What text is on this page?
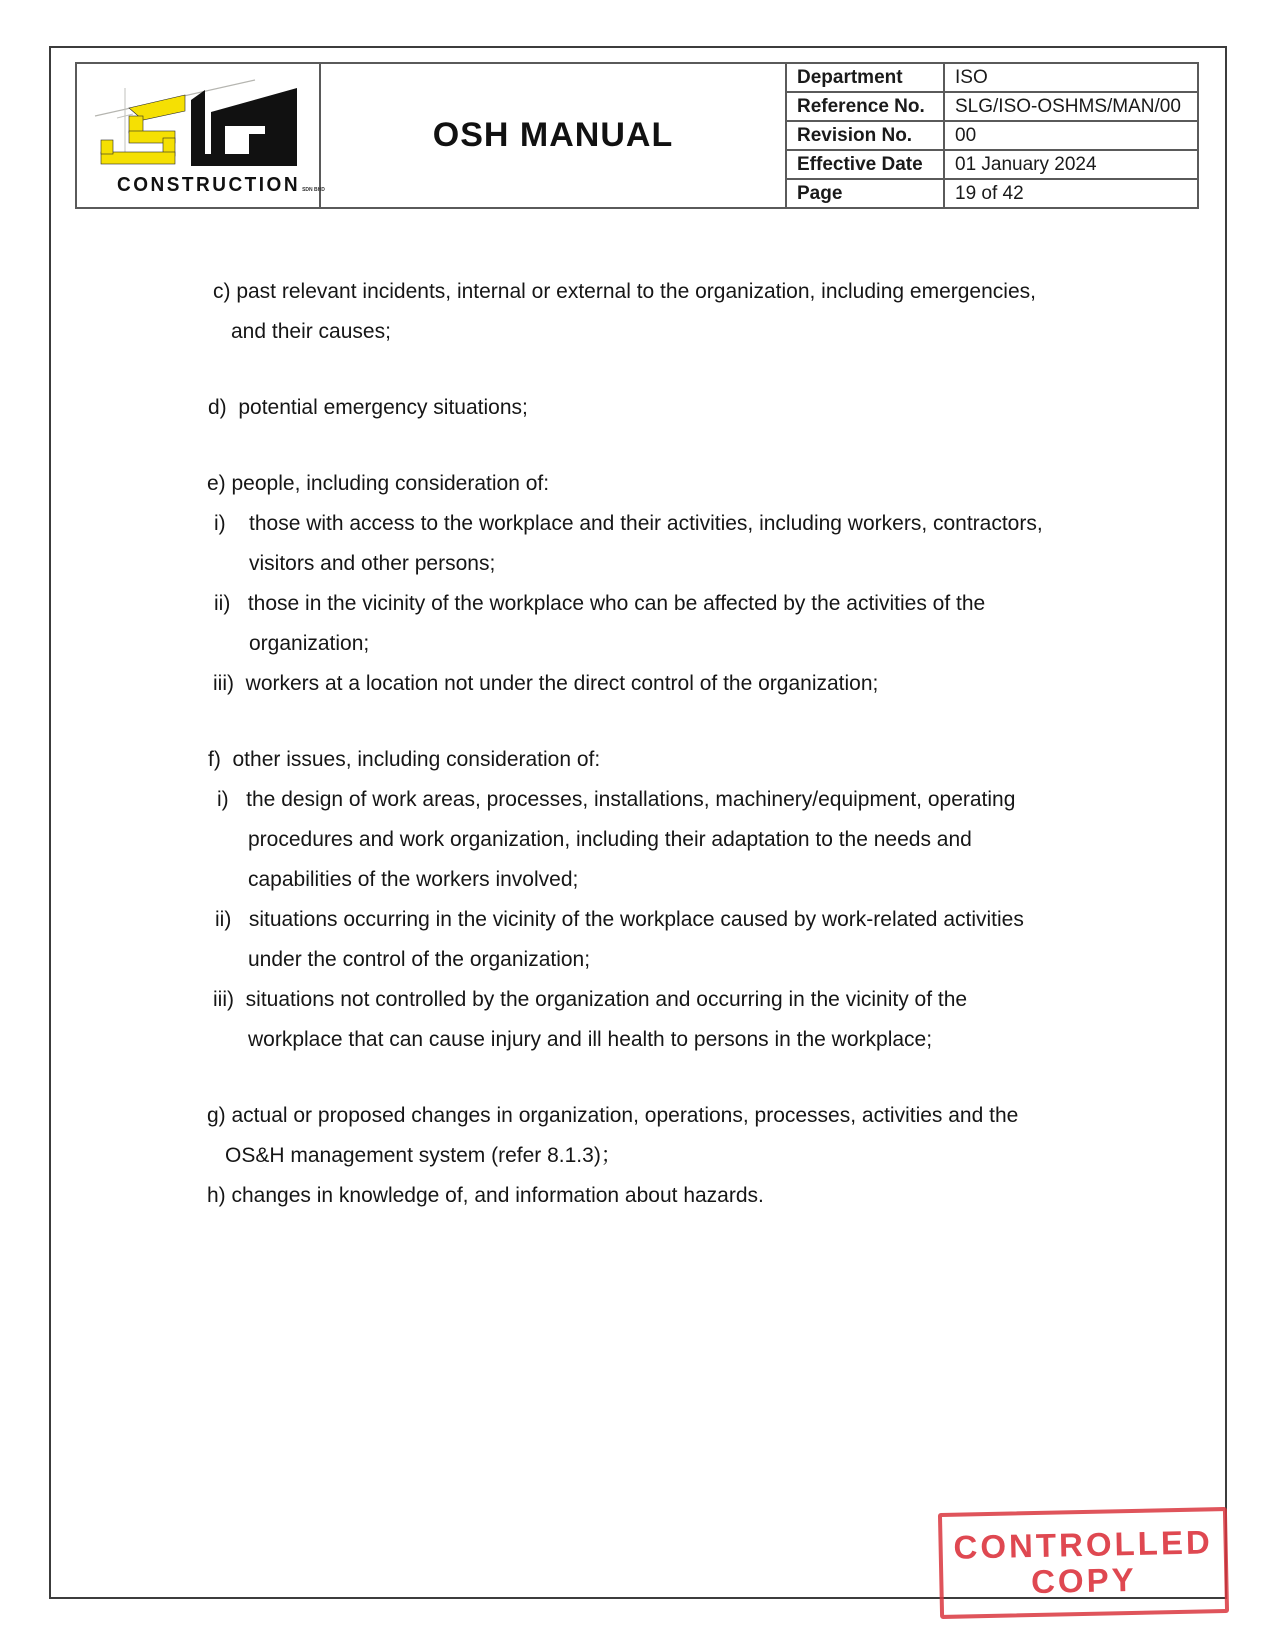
CONSTRUCTION SDN BHD
OSH MANUAL
Department	ISO
Reference No.	SLG/ISO-OSHMS/MAN/00
Revision No.	00
Effective Date	01 January 2024
Page	19 of 42
c) past relevant incidents, internal or external to the organization, including emergencies,
and their causes;
d)  potential emergency situations;
e) people, including consideration of:
i)    those with access to the workplace and their activities, including workers, contractors,
visitors and other persons;
ii)   those in the vicinity of the workplace who can be affected by the activities of the
organization;
iii)  workers at a location not under the direct control of the organization;
f)  other issues, including consideration of:
i)   the design of work areas, processes, installations, machinery/equipment, operating
procedures and work organization, including their adaptation to the needs and
capabilities of the workers involved;
ii)   situations occurring in the vicinity of the workplace caused by work-related activities
under the control of the organization;
iii)  situations not controlled by the organization and occurring in the vicinity of the
workplace that can cause injury and ill health to persons in the workplace;
g) actual or proposed changes in organization, operations, processes, activities and the
OS&H management system (refer 8.1.3)；
h) changes in knowledge of, and information about hazards.
CONTROLLED
COPY
